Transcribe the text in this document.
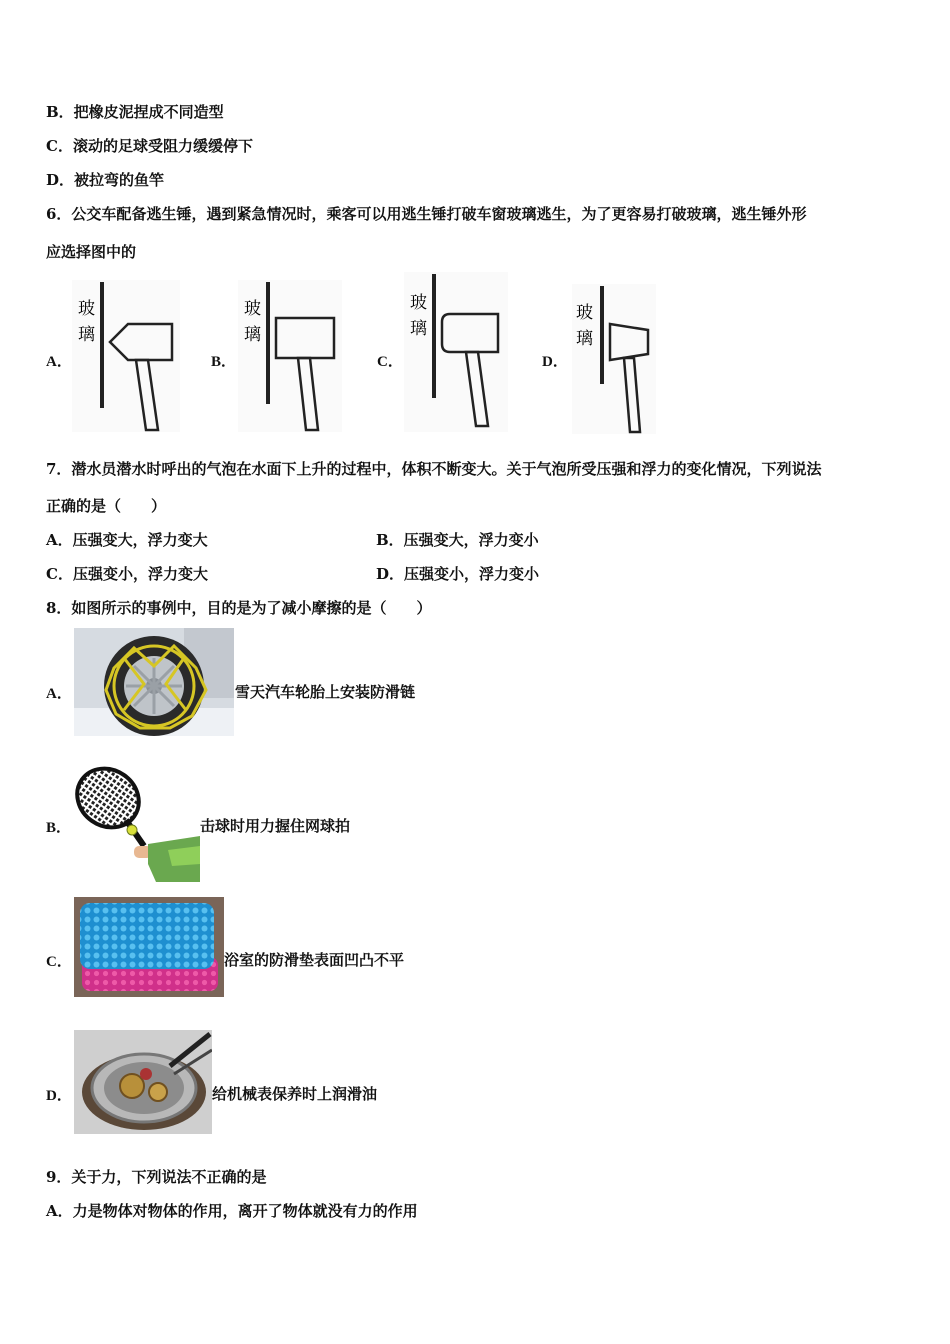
B．把橡皮泥捏成不同造型
C．滚动的足球受阻力缓缓停下
D．被拉弯的鱼竿
6．公交车配备逃生锤，遇到紧急情况时，乘客可以用逃生锤打破车窗玻璃逃生，为了更容易打破玻璃，逃生锤外形
应选择图中的
A．
玻
璃
B．
玻
璃
C．
玻
璃
D．
玻
璃
7．潜水员潜水时呼出的气泡在水面下上升的过程中，体积不断变大。关于气泡所受压强和浮力的变化情况，下列说法
正确的是（　　）
A．压强变大，浮力变大	B．压强变大，浮力变小
C．压强变小，浮力变大	D．压强变小，浮力变小
8．如图所示的事例中，目的是为了减小摩擦的是（　　）
A．	雪天汽车轮胎上安装防滑链
B．	击球时用力握住网球拍
C．	浴室的防滑垫表面凹凸不平
D．	给机械表保养时上润滑油
9．关于力，下列说法不正确的是
A．力是物体对物体的作用，离开了物体就没有力的作用
